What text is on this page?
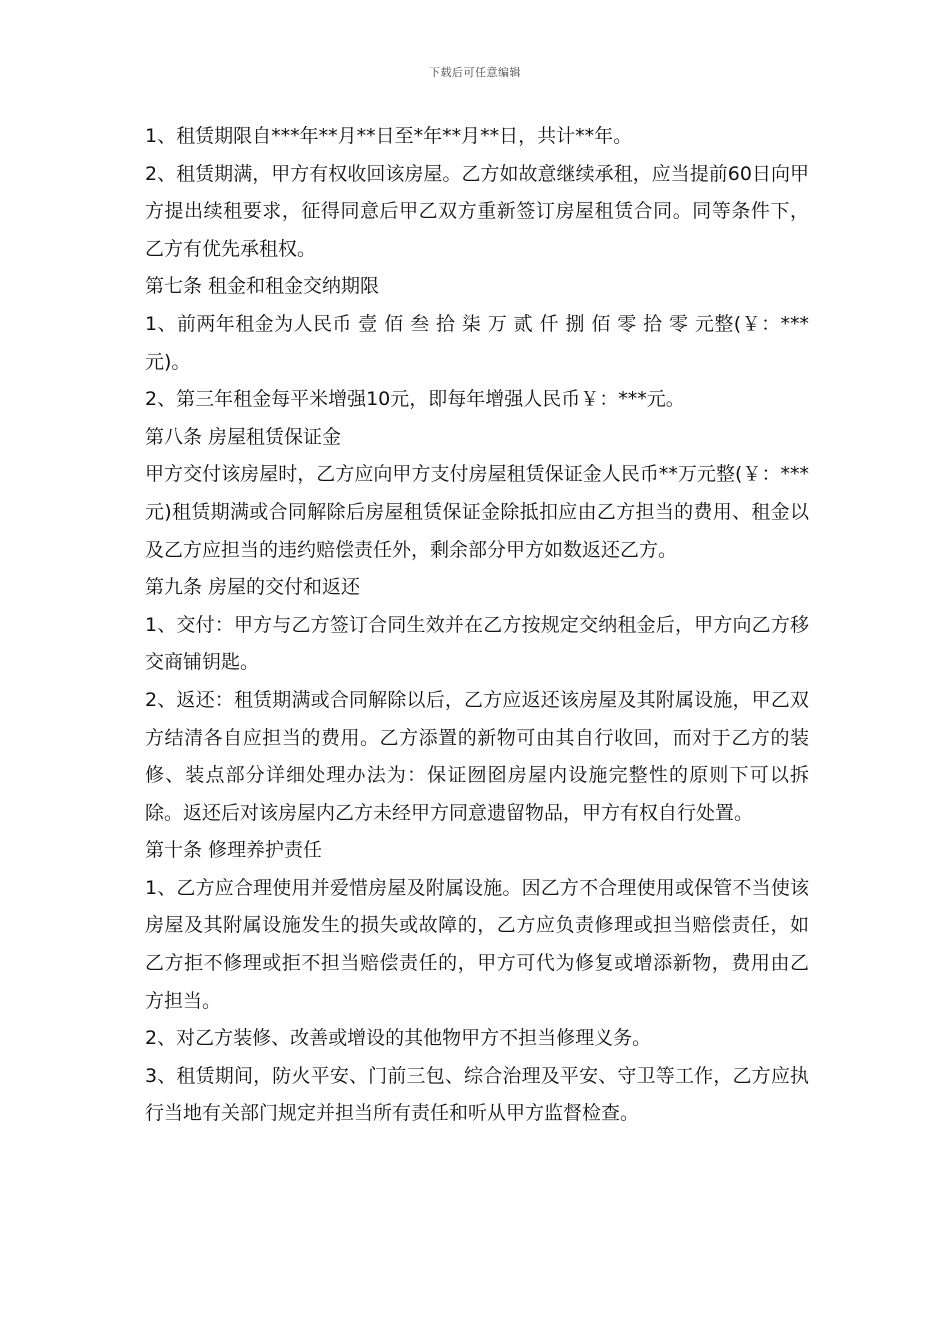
下载后可任意编辑

1、租赁期限自***年**月**日至*年**月**日，共计**年。

2、租赁期满，甲方有权收回该房屋。乙方如故意继续承租，应当提前60日向甲方提出续租要求，征得同意后甲乙双方重新签订房屋租赁合同。同等条件下，乙方有优先承租权。

第七条 租金和租金交纳期限

1、前两年租金为人民币 壹 佰 叁 拾 柒 万 贰 仟 捌 佰 零 拾 零 元整(￥：***元)。

2、第三年租金每平米增强10元，即每年增强人民币￥：***元。

第八条 房屋租赁保证金

甲方交付该房屋时，乙方应向甲方支付房屋租赁保证金人民币**万元整(￥：***元)租赁期满或合同解除后房屋租赁保证金除抵扣应由乙方担当的费用、租金以及乙方应担当的违约赔偿责任外，剩余部分甲方如数返还乙方。

第九条 房屋的交付和返还

1、交付：甲方与乙方签订合同生效并在乙方按规定交纳租金后，甲方向乙方移交商铺钥匙。

2、返还：租赁期满或合同解除以后，乙方应返还该房屋及其附属设施，甲乙双方结清各自应担当的费用。乙方添置的新物可由其自行收回，而对于乙方的装修、装点部分详细处理办法为：保证囫囵房屋内设施完整性的原则下可以拆除。返还后对该房屋内乙方未经甲方同意遗留物品，甲方有权自行处置。

第十条 修理养护责任

1、乙方应合理使用并爱惜房屋及附属设施。因乙方不合理使用或保管不当使该房屋及其附属设施发生的损失或故障的，乙方应负责修理或担当赔偿责任，如乙方拒不修理或拒不担当赔偿责任的，甲方可代为修复或增添新物，费用由乙方担当。

2、对乙方装修、改善或增设的其他物甲方不担当修理义务。

3、租赁期间，防火平安、门前三包、综合治理及平安、守卫等工作，乙方应执行当地有关部门规定并担当所有责任和听从甲方监督检查。
